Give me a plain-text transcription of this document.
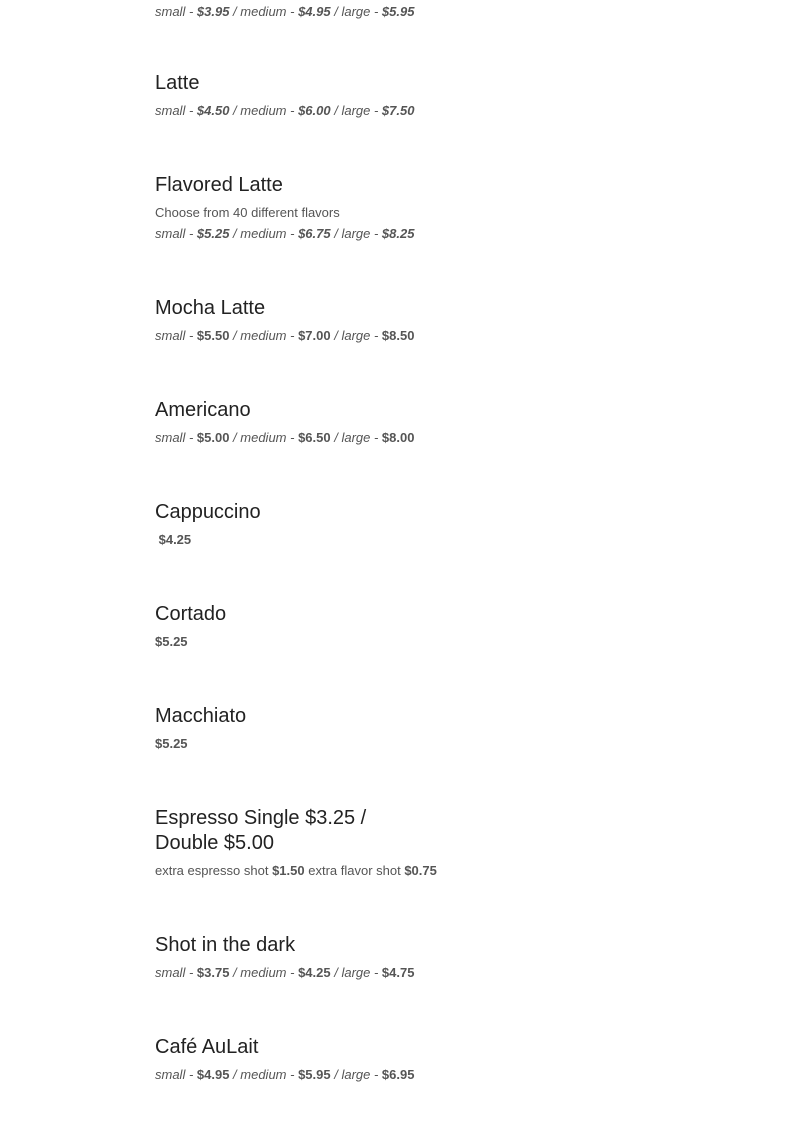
small - $3.95 / medium - $4.95 / large - $5.95
Latte
small - $4.50 / medium - $6.00 / large - $7.50
Flavored Latte
Choose from 40 different flavors
small - $5.25 / medium - $6.75 / large - $8.25
Mocha Latte
small - $5.50 / medium - $7.00 / large - $8.50
Americano
small - $5.00 / medium - $6.50 / large - $8.00
Cappuccino
$4.25
Cortado
$5.25
Macchiato
$5.25
Espresso Single $3.25 / Double $5.00
extra espresso shot $1.50 extra flavor shot $0.75
Shot in the dark
small - $3.75 / medium - $4.25 / large - $4.75
Café AuLait
small - $4.95 / medium - $5.95 / large - $6.95
